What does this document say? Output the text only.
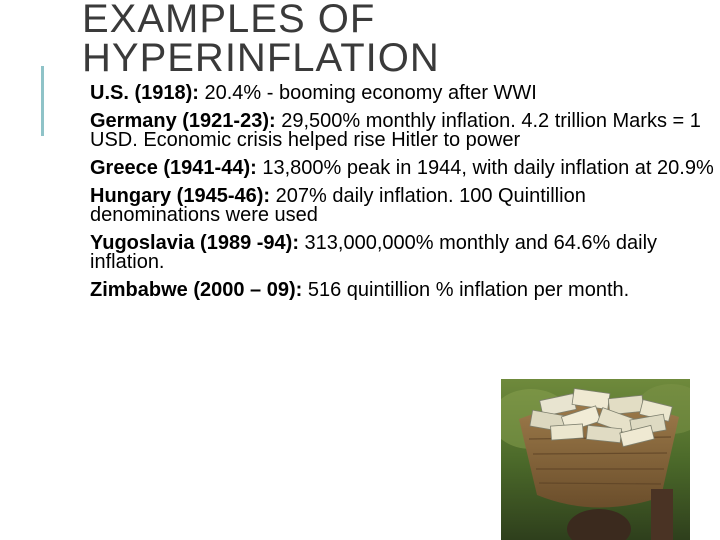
EXAMPLES OF
HYPERINFLATION
U.S. (1918): 20.4% - booming economy after WWI
Germany (1921-23): 29,500% monthly inflation. 4.2 trillion Marks = 1 USD. Economic crisis helped rise Hitler to power
Greece (1941-44): 13,800% peak in 1944, with daily inflation at 20.9%
Hungary (1945-46): 207% daily inflation. 100 Quintillion denominations were used
Yugoslavia (1989 -94): 313,000,000% monthly and 64.6% daily inflation.
Zimbabwe (2000 – 09): 516 quintillion % inflation per month.
